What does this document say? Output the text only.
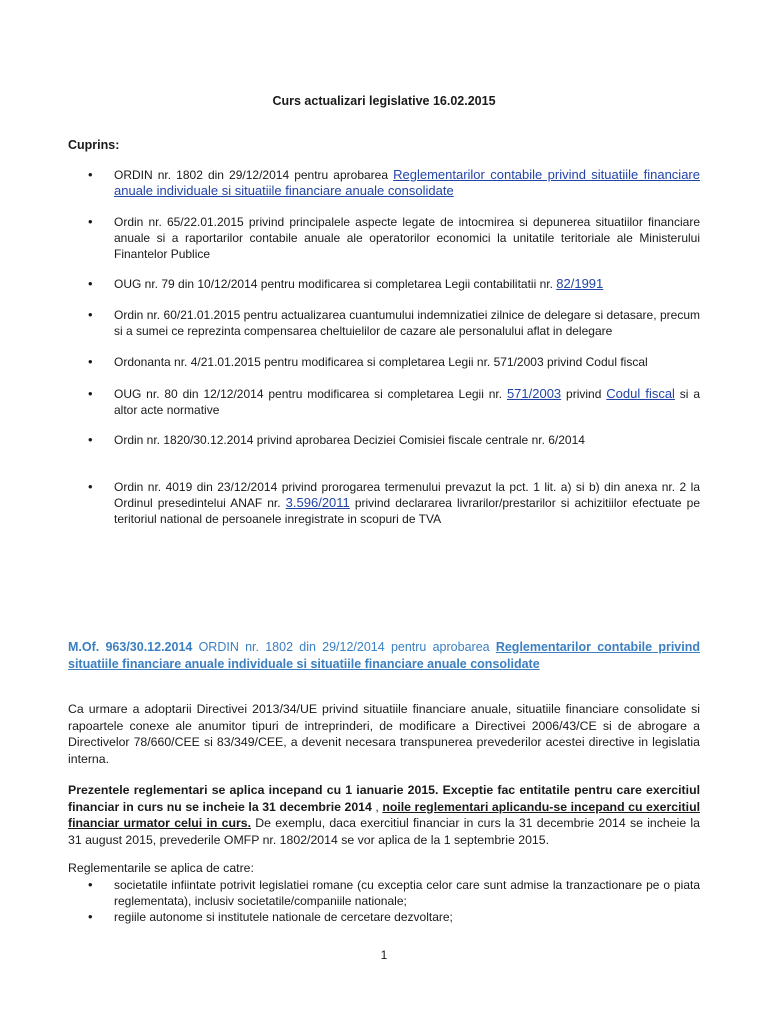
Curs actualizari legislative 16.02.2015
Cuprins:
•
ORDIN nr. 1802 din 29/12/2014 pentru aprobarea Reglementarilor contabile privind situatiile financiare anuale individuale si situatiile financiare anuale consolidate
•
Ordin nr. 65/22.01.2015 privind principalele aspecte legate de intocmirea si depunerea situatiilor financiare anuale si a raportarilor contabile anuale ale operatorilor economici la unitatile teritoriale ale Ministerului Finantelor Publice
•
OUG nr. 79 din 10/12/2014 pentru modificarea si completarea Legii contabilitatii nr. 82/1991
•
Ordin nr. 60/21.01.2015 pentru actualizarea cuantumului indemnizatiei zilnice de delegare si detasare, precum si a sumei ce reprezinta compensarea cheltuielilor de cazare ale personalului aflat in delegare
•
Ordonanta nr. 4/21.01.2015 pentru modificarea si completarea Legii nr. 571/2003 privind Codul fiscal
•
OUG nr. 80 din 12/12/2014 pentru modificarea si completarea Legii nr. 571/2003 privind Codul fiscal si a altor acte normative
•
Ordin nr. 1820/30.12.2014 privind aprobarea Deciziei Comisiei fiscale centrale nr. 6/2014
•
Ordin nr. 4019 din 23/12/2014 privind prorogarea termenului prevazut la pct. 1 lit. a) si b) din anexa nr. 2 la Ordinul presedintelui ANAF nr. 3.596/2011 privind declararea livrarilor/prestarilor si achizitiilor efectuate pe teritoriul national de persoanele inregistrate in scopuri de TVA
M.Of. 963/30.12.2014 ORDIN nr. 1802 din 29/12/2014 pentru aprobarea Reglementarilor contabile privind situatiile financiare anuale individuale si situatiile financiare anuale consolidate
Ca urmare a adoptarii Directivei 2013/34/UE privind situatiile financiare anuale, situatiile financiare consolidate si rapoartele conexe ale anumitor tipuri de intreprinderi, de modificare a Directivei 2006/43/CE si de abrogare a Directivelor 78/660/CEE si 83/349/CEE, a devenit necesara transpunerea prevederilor acestei directive in legislatia interna.
Prezentele reglementari se aplica incepand cu 1 ianuarie 2015. Exceptie fac entitatile pentru care exercitiul financiar in curs nu se incheie la 31 decembrie 2014 , noile reglementari aplicandu-se incepand cu exercitiul financiar urmator celui in curs. De exemplu, daca exercitiul financiar in curs la 31 decembrie 2014 se incheie la 31 august 2015, prevederile OMFP nr. 1802/2014 se vor aplica de la 1 septembrie 2015.
Reglementarile se aplica de catre:
•
societatile infiintate potrivit legislatiei romane (cu exceptia celor care sunt admise la tranzactionare pe o piata reglementata), inclusiv societatile/companiile nationale;
•
regiile autonome si institutele nationale de cercetare dezvoltare;
1
